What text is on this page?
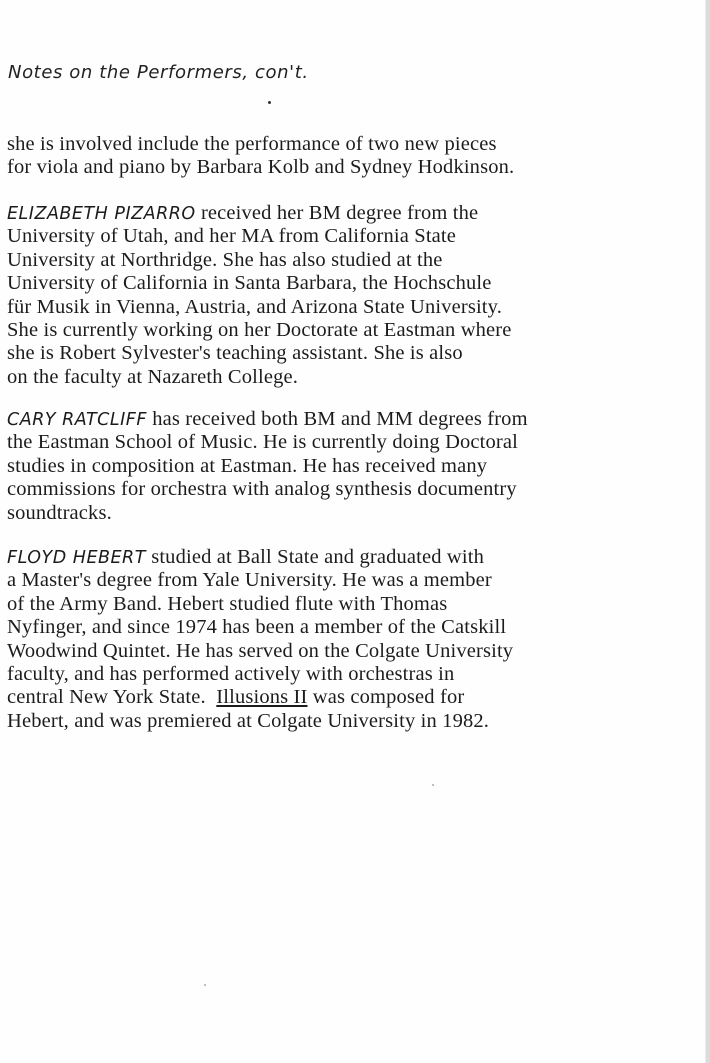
Notes on the Performers, con't.
she is involved include the performance of two new pieces
for viola and piano by Barbara Kolb and Sydney Hodkinson.
ELIZABETH PIZARRO received her BM degree from the
University of Utah, and her MA from California State
University at Northridge. She has also studied at the
University of California in Santa Barbara, the Hochschule
für Musik in Vienna, Austria, and Arizona State University.
She is currently working on her Doctorate at Eastman where
she is Robert Sylvester's teaching assistant. She is also
on the faculty at Nazareth College.
CARY RATCLIFF has received both BM and MM degrees from
the Eastman School of Music. He is currently doing Doctoral
studies in composition at Eastman. He has received many
commissions for orchestra with analog synthesis documentry
soundtracks.
FLOYD HEBERT studied at Ball State and graduated with
a Master's degree from Yale University. He was a member
of the Army Band. Hebert studied flute with Thomas
Nyfinger, and since 1974 has been a member of the Catskill
Woodwind Quintet. He has served on the Colgate University
faculty, and has performed actively with orchestras in
central New York State. Illusions II was composed for
Hebert, and was premiered at Colgate University in 1982.
